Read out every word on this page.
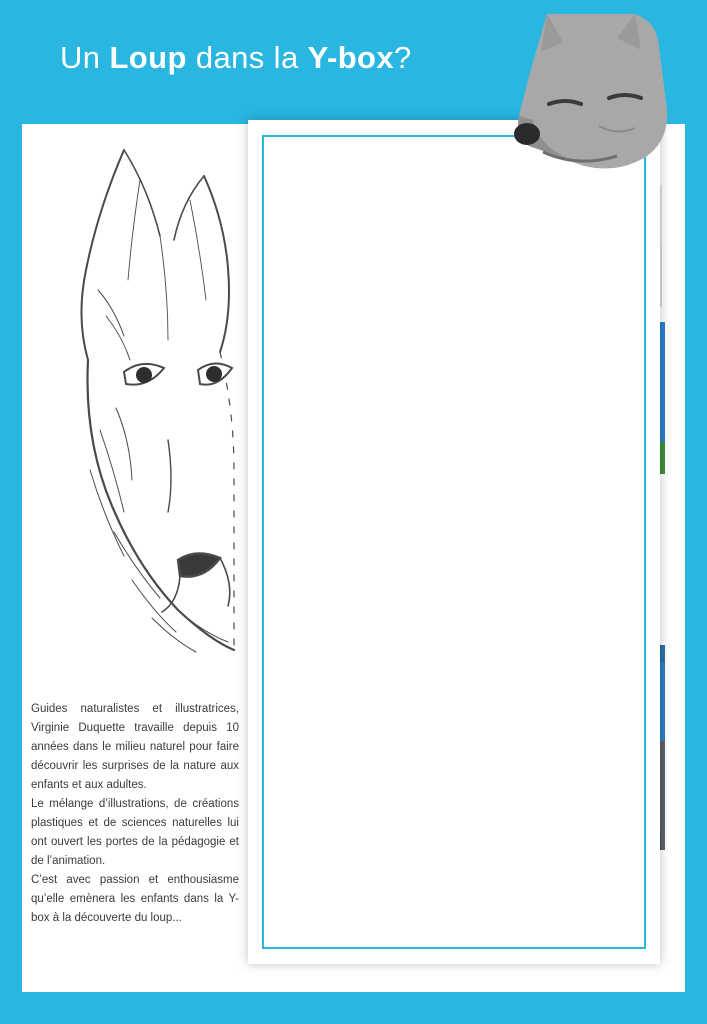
Un Loup dans la Y-box?

Guides naturalistes et illustratrices, Virginie Duquette travaille depuis 10 années dans le milieu naturel pour faire découvrir les surprises de la nature aux enfants et aux adultes.

Le mélange d’illustrations, de créations plastiques et de sciences naturelles lui ont ouvert les portes de la pédagogie et de l’animation.

C’est avec passion et enthousiasme qu’elle emènera les enfants dans la Y-box à la découverte du loup...
